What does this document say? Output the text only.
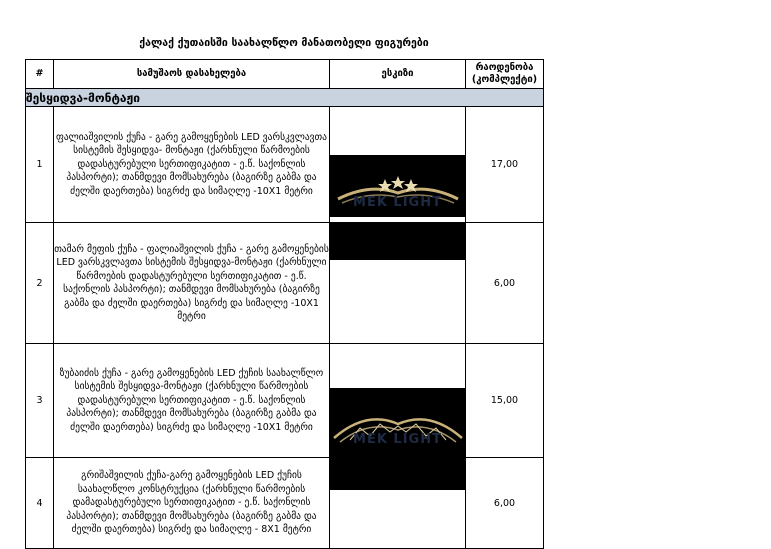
ქალაქ ქუთაისში საახალწლო მანათობელი ფიგურები
#	სამუშაოს დასახელება	ესკიზი	რაოდენობა (კომპლექტი)
შესყიდვა-მონტაჟი			
1	ფალიაშვილის ქუჩა - გარე გამოყენების LED ვარსკვლავთა სისტემის შესყიდვა- მონტაჟი (ქარხნული წარმოების დადასტურებული სერთიფიკატით - ე.წ. საქონლის პასპორტი); თანმდევი მომსახურება (ბაგირზე გაბმა და ძელში დაერთება) სიგრძე და სიმაღლე -10X1 მეტრი	MEK LIGHT	17,00
2	თამარ მეფის ქუჩა - ფალიაშვილის ქუჩა - გარე გამოყენების LED ვარსკვლავთა სისტემის შესყიდვა-მონტაჟი (ქარხნული წარმოების დადასტურებული სერთიფიკატით - ე.წ. საქონლის პასპორტი); თანმდევი მომსახურება (ბაგირზე გაბმა და ძელში დაერთება) სიგრძე და სიმაღლე -10X1 მეტრი		6,00
3	ზუბაიძის ქუჩა - გარე გამოყენების LED ქუჩის საახალწლო სისტემის შესყიდვა-მონტაჟი (ქარხნული წარმოების დადასტურებული სერთიფიკატით - ე.წ. საქონლის პასპორტი); თანმდევი მომსახურება (ბაგირზე გაბმა და ძელში დაერთება) სიგრძე და სიმაღლე -10X1 მეტრი	MEK LIGHT	15,00
4	გრიშაშვილის ქუჩა-გარე გამოყენების LED ქუჩის საახალწლო კონსტრუქცია (ქარხნული წარმოების დამადასტურებული სერთიფიკატით - ე.წ. საქონლის პასპორტი); თანმდევი მომსახურება (ბაგირზე გაბმა და ძელში დაერთება) სიგრძე და სიმაღლე - 8X1 მეტრი		6,00
